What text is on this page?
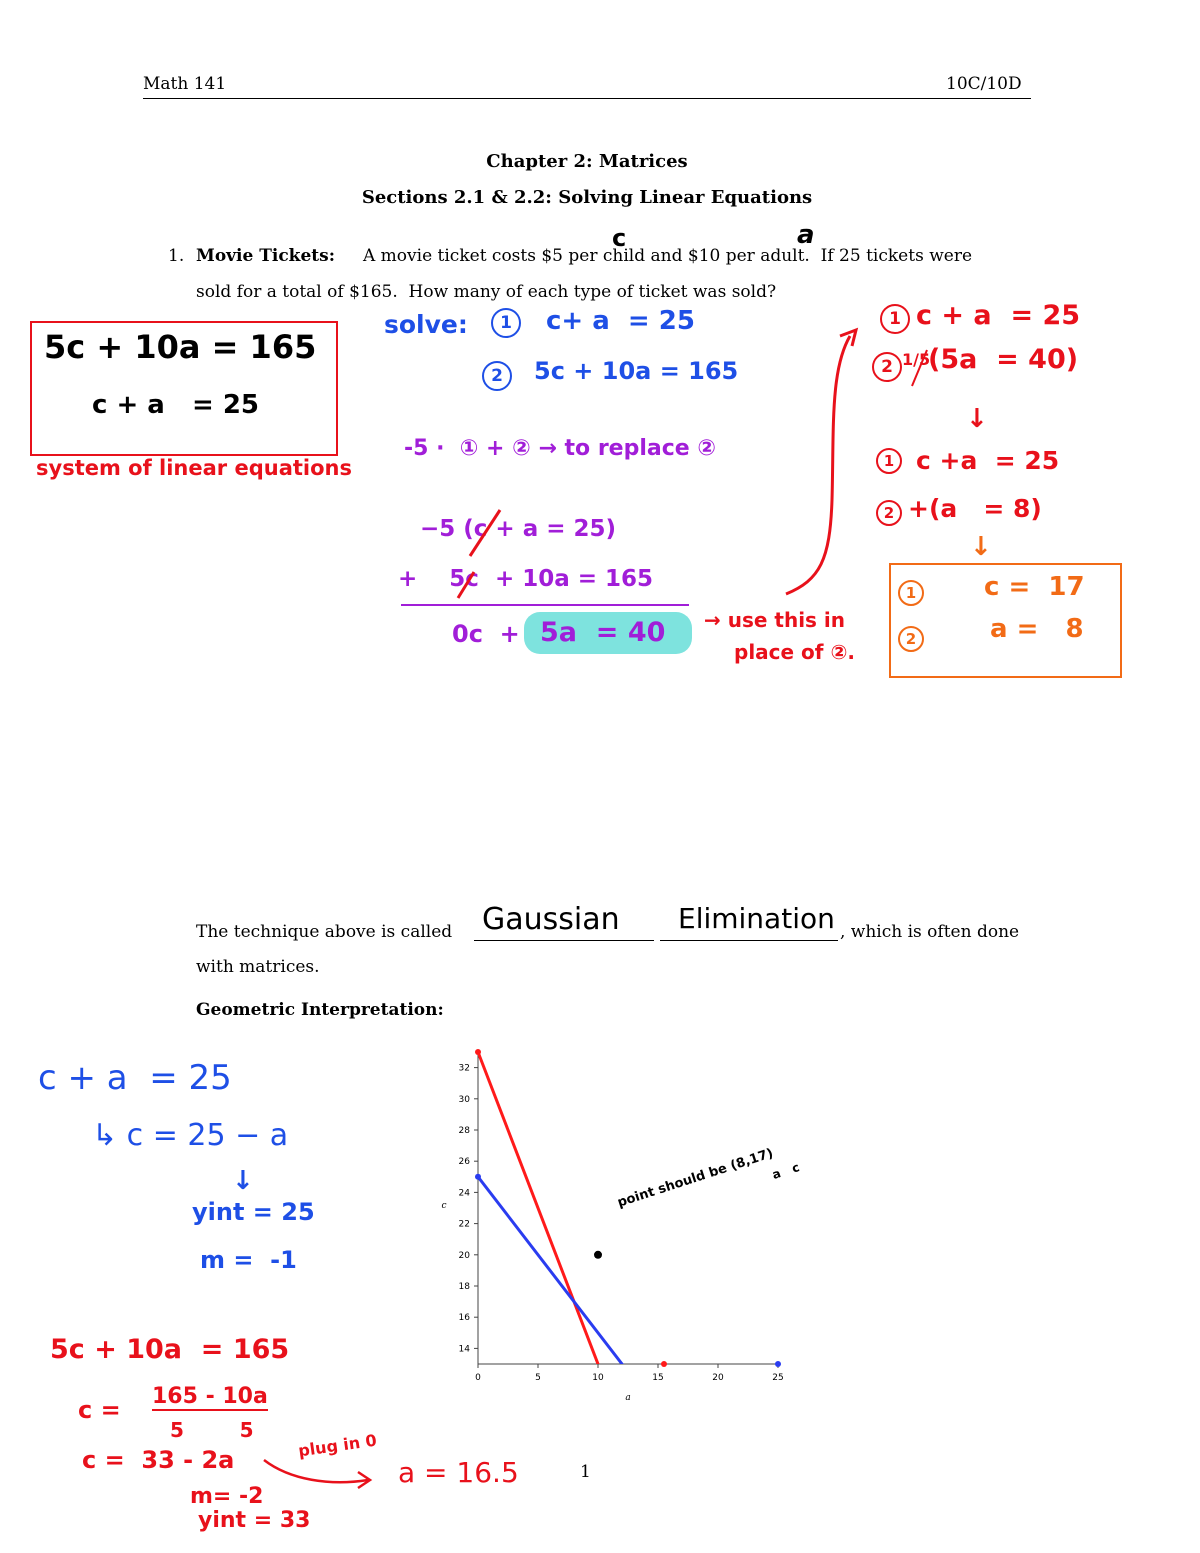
Math 141	10C/10D
Chapter 2: Matrices
Sections 2.1 & 2.2: Solving Linear Equations
1. Movie Tickets: A movie ticket costs $5 per child and $10 per adult.  If 25 tickets were
sold for a total of $165.  How many of each type of ticket was sold?
c	a
5c + 10a = 165
c + a   = 25
system of linear equations
solve:	1	c+ a  = 25
2	5c + 10a = 165
-5 ·  ① + ② → to replace ②
−5 (c + a = 25)
+    5c  + 10a = 165
0c  + 5a  = 40	→ use this in
place of ②.
1 c + a  = 25
2 1/5
(5a  = 40)
↓
1 c +a  = 25
2 +(a   = 8)
↓
1	c =  17
2	a =   8
The technique above is called Gaussian Elimination , which is often done
with matrices.
Geometric Interpretation:
c + a  = 25
↳ c = 25 − a
↓
yint = 25
m =  -1
5c + 10a  = 165
c = 165 - 10a
5        5
c =  33 - 2a	plug in 0
a = 16.5
m= -2
yint = 33
14
16
18
20
22
24
26
28
30
32
0	5	10	15	20	25
a
c	point should be (8,17)
a   c
1
